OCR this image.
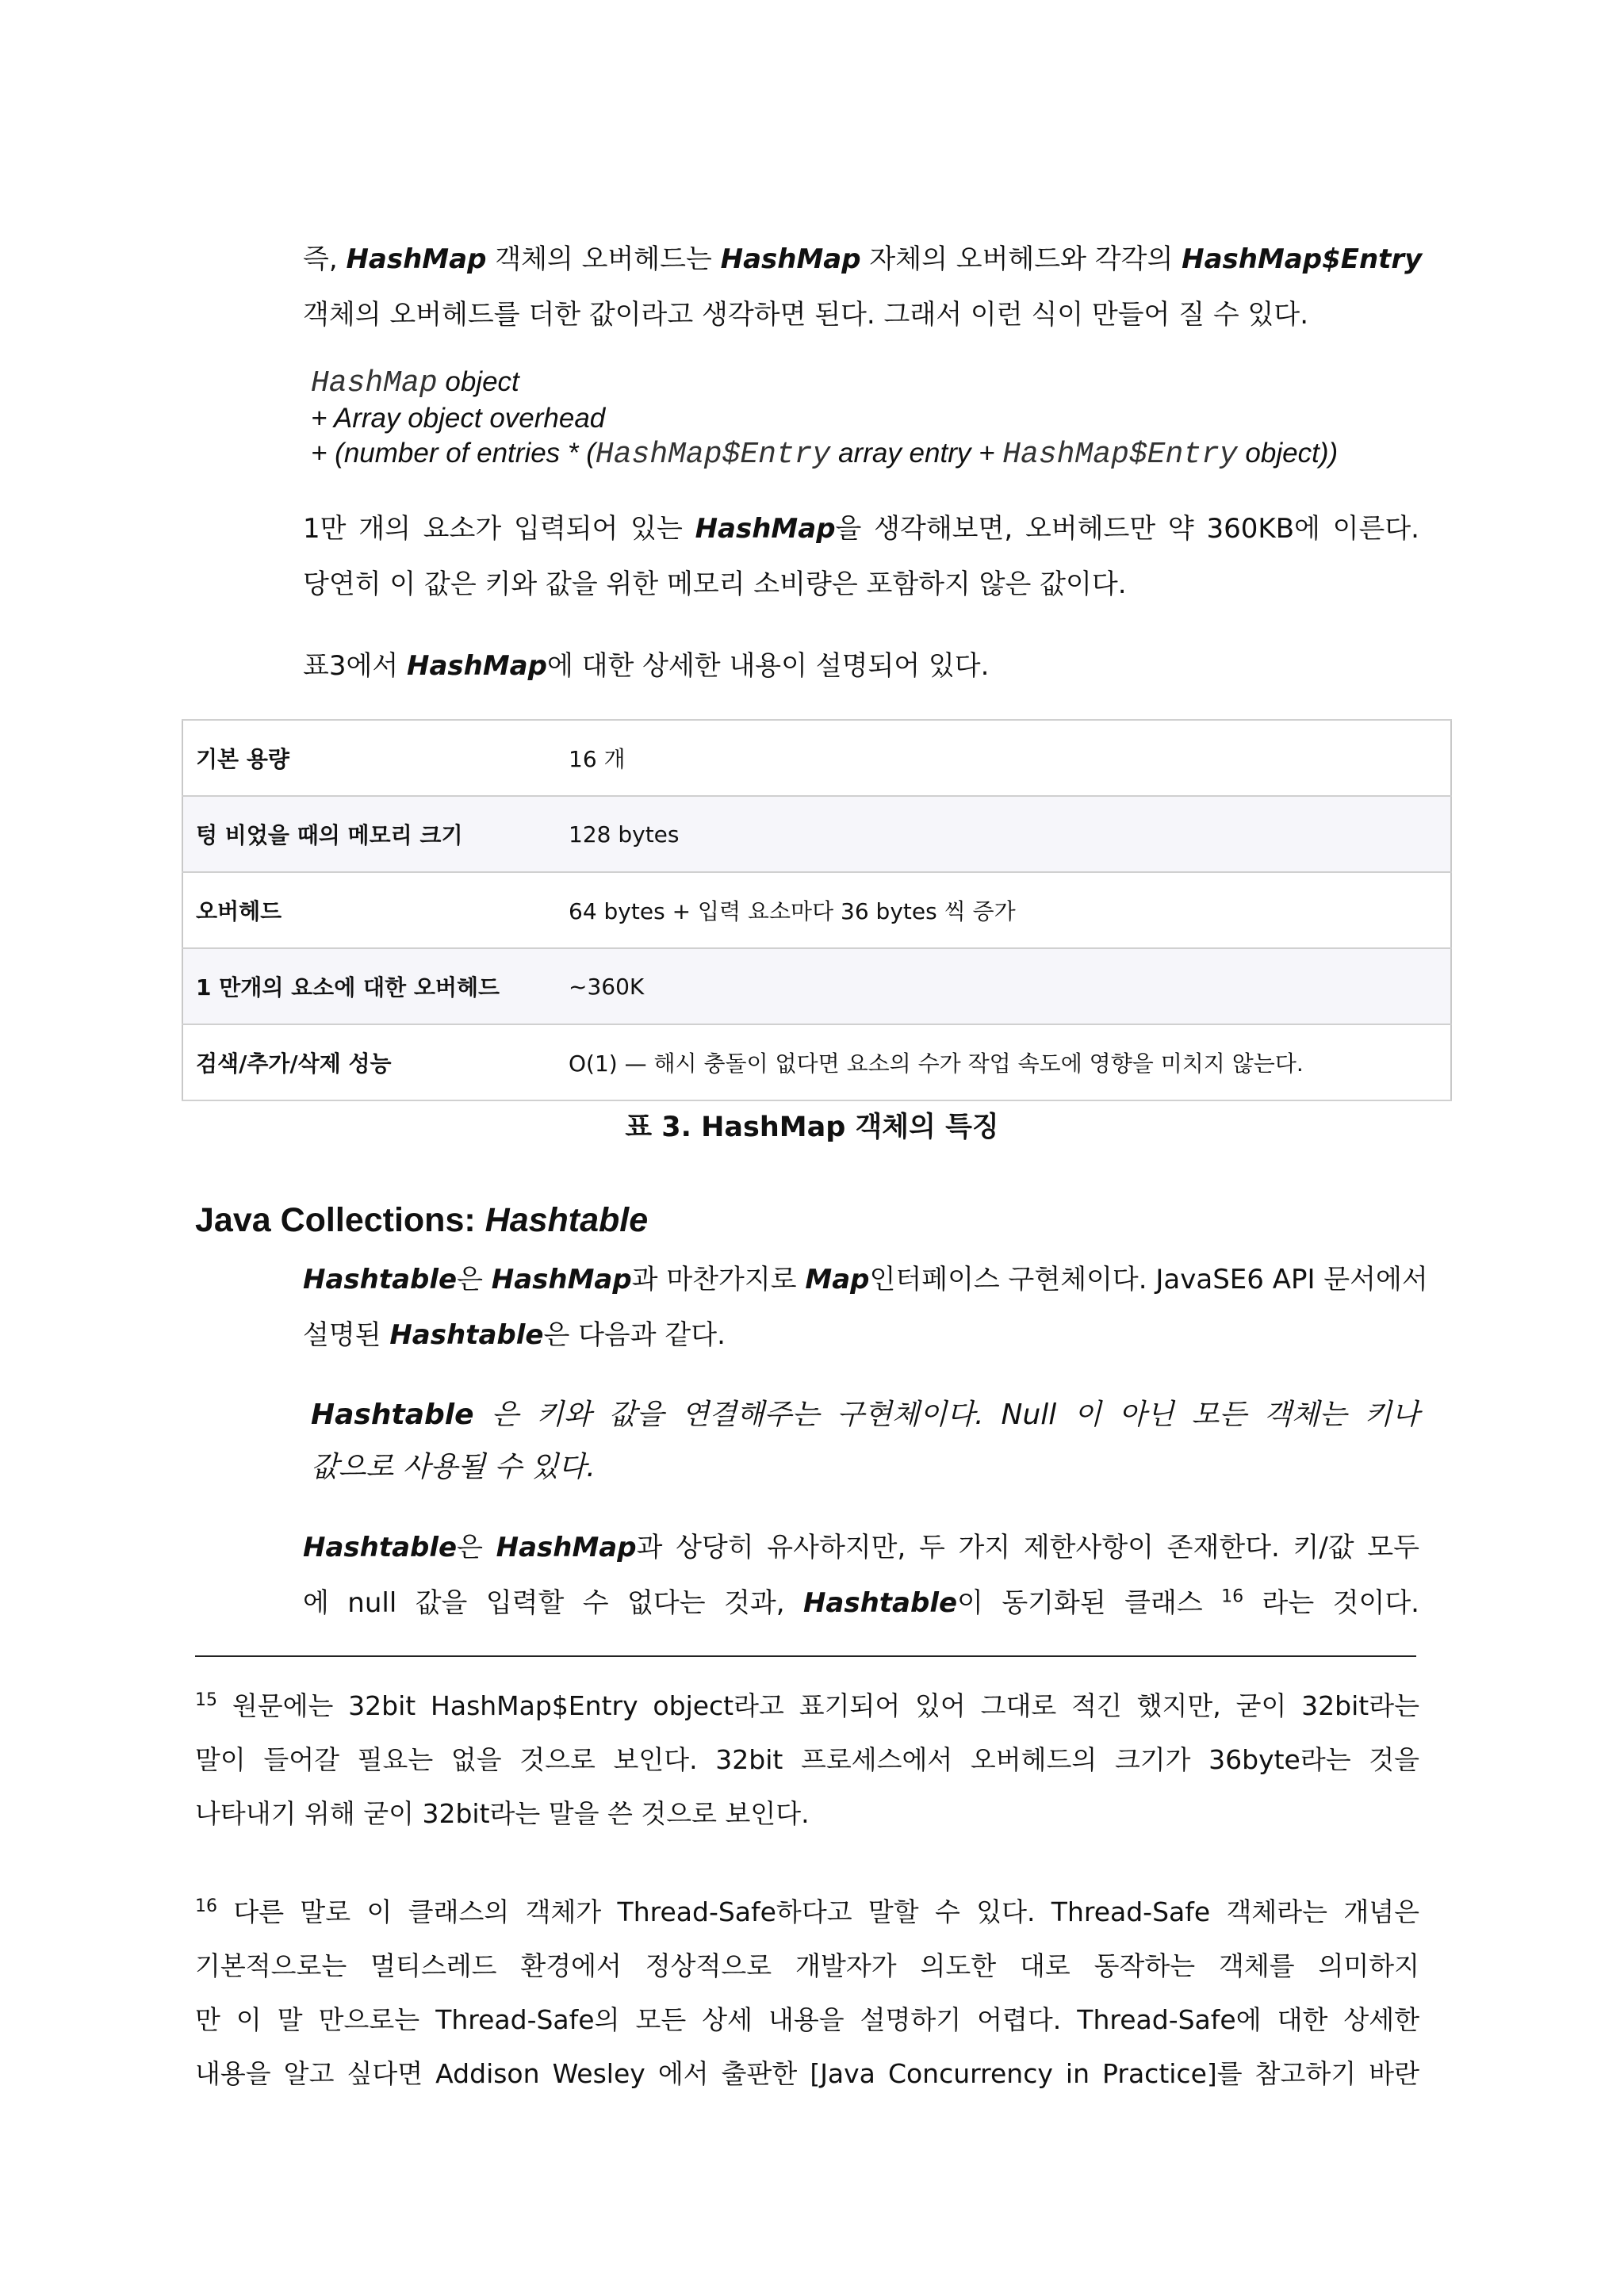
즉, HashMap 객체의 오버헤드는 HashMap 자체의 오버헤드와 각각의 HashMap$Entry
객체의 오버헤드를 더한 값이라고 생각하면 된다. 그래서 이런 식이 만들어 질 수 있다.
HashMap object
+ Array object overhead
+ (number of entries * (HashMap$Entry array entry + HashMap$Entry object))
1만 개의 요소가 입력되어 있는 HashMap을 생각해보면, 오버헤드만 약 360KB에 이른다.
당연히 이 값은 키와 값을 위한 메모리 소비량은 포함하지 않은 값이다.
표3에서 HashMap에 대한 상세한 내용이 설명되어 있다.
기본 용량	16 개
텅 비었을 때의 메모리 크기	128 bytes
오버헤드	64 bytes + 입력 요소마다 36 bytes 씩 증가
1 만개의 요소에 대한 오버헤드	~360K
검색/추가/삭제 성능	O(1) — 해시 충돌이 없다면 요소의 수가 작업 속도에 영향을 미치지 않는다.
표 3. HashMap 객체의 특징
Java Collections: Hashtable
Hashtable은 HashMap과 마찬가지로 Map인터페이스 구현체이다. JavaSE6 API 문서에서
설명된 Hashtable은 다음과 같다.
Hashtable 은 키와 값을 연결해주는 구현체이다. Null 이 아닌 모든 객체는 키나
값으로 사용될 수 있다.
Hashtable은 HashMap과 상당히 유사하지만, 두 가지 제한사항이 존재한다. 키/값 모두
에 null 값을 입력할 수 없다는 것과, Hashtable이 동기화된 클래스 $^{16}$ 라는 것이다.
$^{15}$ 원문에는 32bit HashMap$Entry object라고 표기되어 있어 그대로 적긴 했지만, 굳이 32bit라는
말이 들어갈 필요는 없을 것으로 보인다. 32bit 프로세스에서 오버헤드의 크기가 36byte라는 것을
나타내기 위해 굳이 32bit라는 말을 쓴 것으로 보인다.
$^{16}$ 다른 말로 이 클래스의 객체가 Thread-Safe하다고 말할 수 있다. Thread-Safe 객체라는 개념은
기본적으로는 멀티스레드 환경에서 정상적으로 개발자가 의도한 대로 동작하는 객체를 의미하지
만 이 말 만으로는 Thread-Safe의 모든 상세 내용을 설명하기 어렵다. Thread-Safe에 대한 상세한
내용을 알고 싶다면 Addison Wesley 에서 출판한 [Java Concurrency in Practice]를 참고하기 바란
